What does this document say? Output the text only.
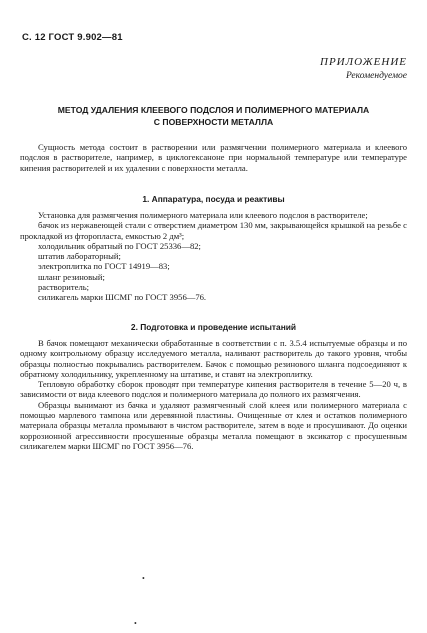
С. 12 ГОСТ 9.902—81
ПРИЛОЖЕНИЕ
Рекомендуемое
МЕТОД УДАЛЕНИЯ КЛЕЕВОГО ПОДСЛОЯ И ПОЛИМЕРНОГО МАТЕРИАЛА
С ПОВЕРХНОСТИ МЕТАЛЛА

Сущность метода состоит в растворении или размягчении полимерного материала и клеевого подслоя в растворителе, например, в циклогексаноне при нормальной температуре или температуре кипения растворителей и их удалении с поверхности металла.

1. Аппаратура, посуда и реактивы

Установка для размягчения полимерного материала или клеевого подслоя в растворителе;

бачок из нержавеющей стали с отверстием диаметром 130 мм, закрывающейся крышкой на резьбе с прокладкой из фторопласта, емкостью 2 дм³;

холодильник обратный по ГОСТ 25336—82;

штатив лабораторный;

электроплитка по ГОСТ 14919—83;

шланг резиновый;

растворитель;

силикагель марки ШСМГ по ГОСТ 3956—76.

2. Подготовка и проведение испытаний

В бачок помещают механически обработанные в соответствии с п. 3.5.4 испытуемые образцы и по одному контрольному образцу исследуемого металла, наливают растворитель до такого уровня, чтобы образцы полностью покрывались растворителем. Бачок с помощью резинового шланга подсоединяют к обратному холодильнику, укрепленному на штативе, и ставят на электроплитку.

Тепловую обработку сборок проводят при температуре кипения растворителя в течение 5—20 ч, в зависимости от вида клеевого подслоя и полимерного материала до полного их размягчения.

Образцы вынимают из бачка и удаляют размягченный слой клеея или полимерного материала с помощью марлевого тампона или деревянной пластины. Очищенные от клея и остатков полимерного материала образцы металла промывают в чистом растворителе, затем в воде и просушивают. До оценки коррозионной агрессивности просушенные образцы металла помещают в эксикатор с просушенным силикагелем марки ШСМГ по ГОСТ 3956—76.

•
•
